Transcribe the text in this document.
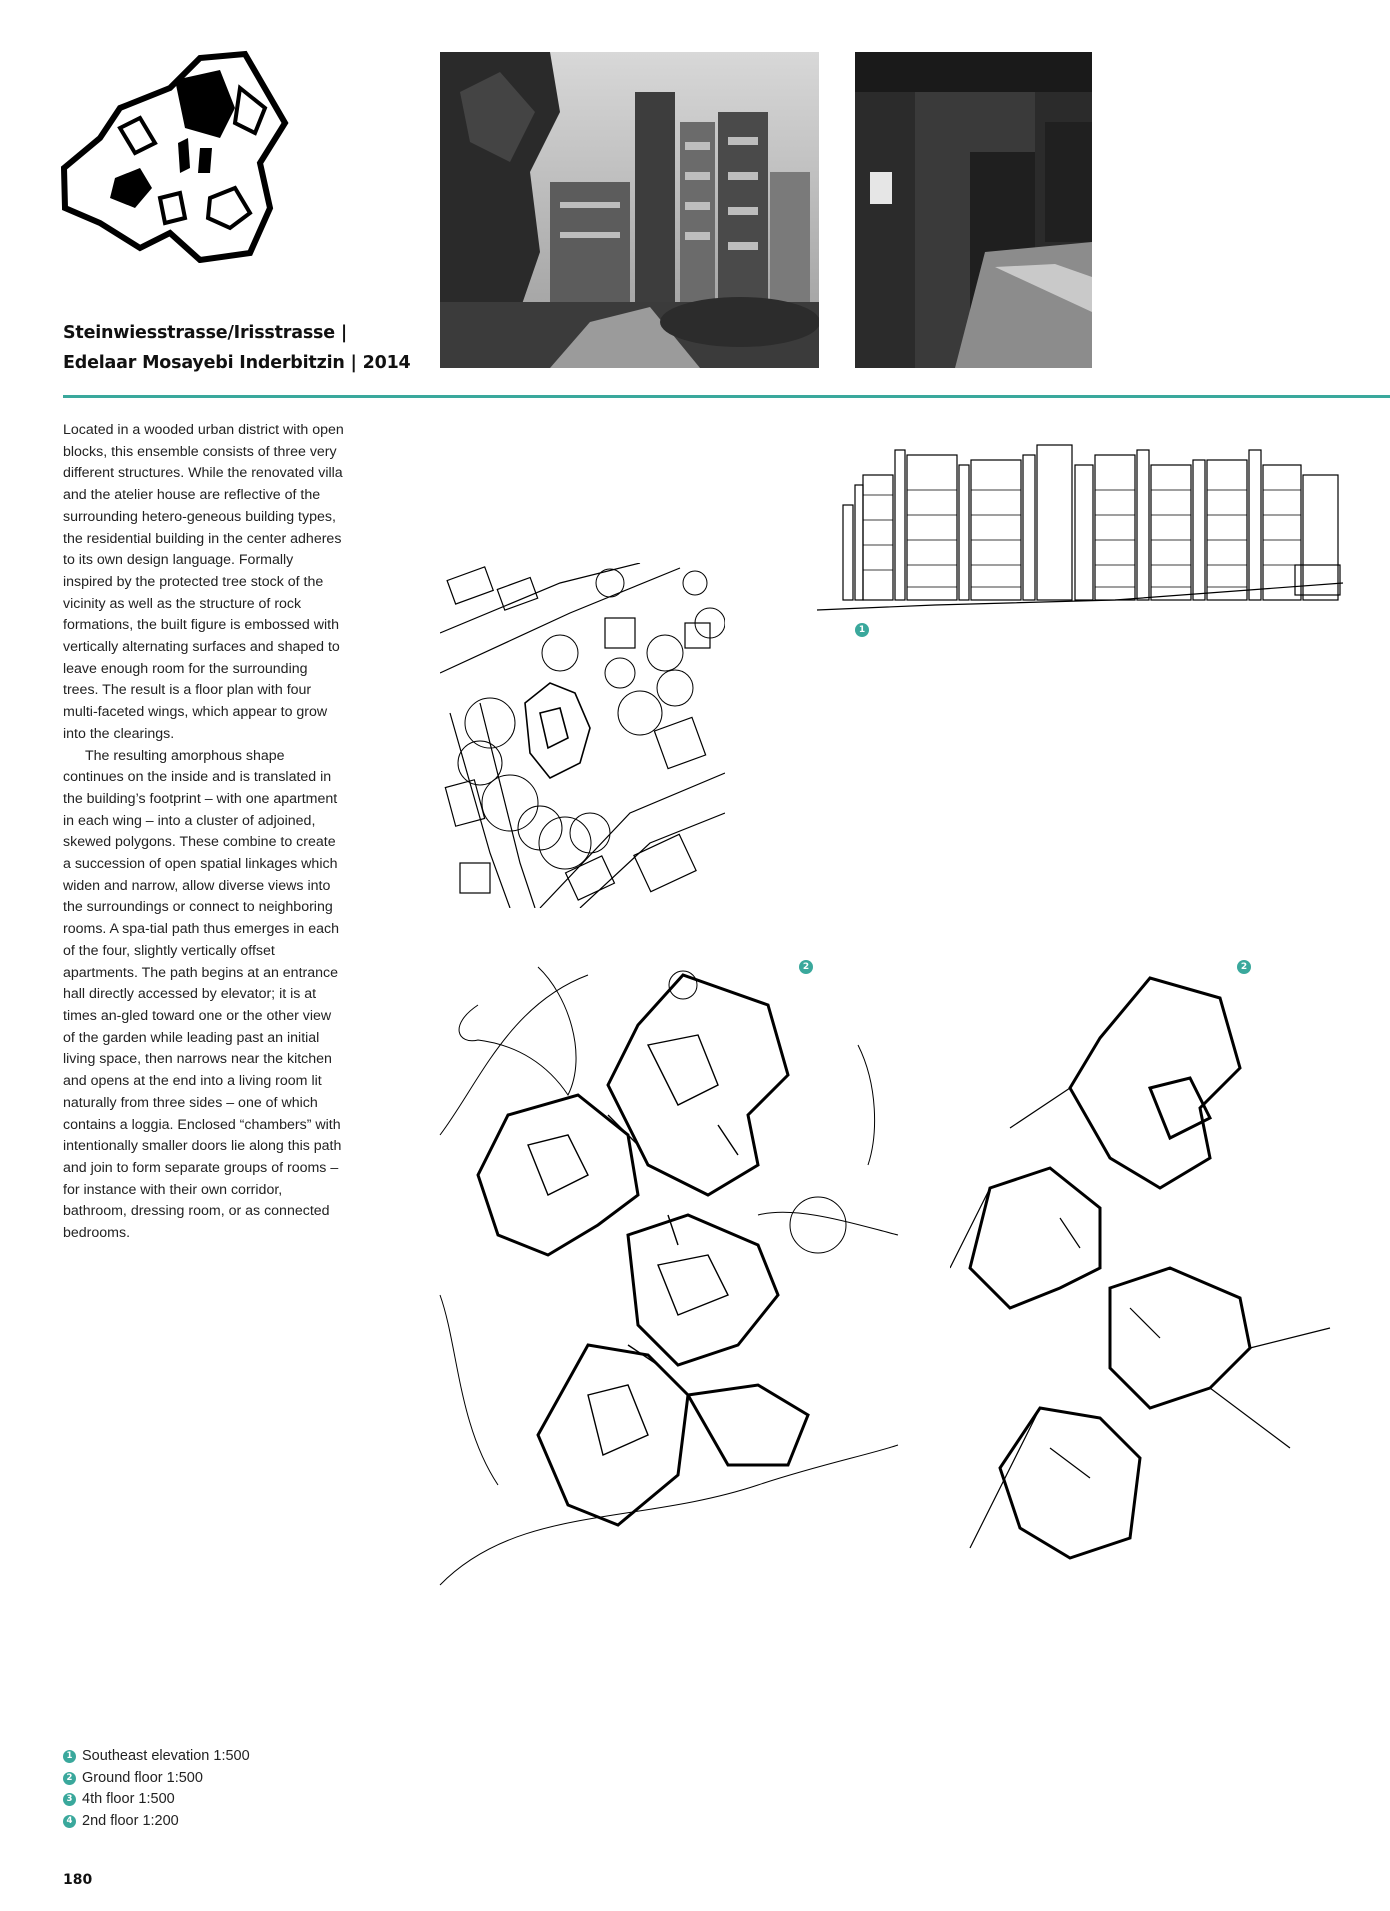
Steinwiesstrasse/Irisstrasse |
Edelaar Mosayebi Inderbitzin | 2014

Located in a wooded urban district with open blocks, this ensemble consists of three very different structures. While the renovated villa and the atelier house are reflective of the surrounding hetero-geneous building types, the residential building in the center adheres to its own design language. Formally inspired by the protected tree stock of the vicinity as well as the structure of rock formations, the built figure is embossed with vertically alternating surfaces and shaped to leave enough room for the surrounding trees. The result is a floor plan with four multi-faceted wings, which appear to grow into the clearings.

The resulting amorphous shape continues on the inside and is translated in the building’s footprint – with one apartment in each wing – into a cluster of adjoined, skewed polygons. These combine to create a succession of open spatial linkages which widen and narrow, allow diverse views into the surroundings or connect to neighboring rooms. A spa-tial path thus emerges in each of the four, slightly vertically offset apartments. The path begins at an entrance hall directly accessed by elevator; it is at times an-gled toward one or the other view of the garden while leading past an initial living space, then narrows near the kitchen and opens at the end into a living room lit naturally from three sides – one of which contains a loggia. Enclosed “chambers” with intentionally smaller doors lie along this path and join to form separate groups of rooms – for instance with their own corridor, bathroom, dressing room, or as connected bedrooms.

1
2	2
1 Southeast elevation 1:500
2 Ground floor 1:500
3 4th floor 1:500
4 2nd floor 1:200
180
